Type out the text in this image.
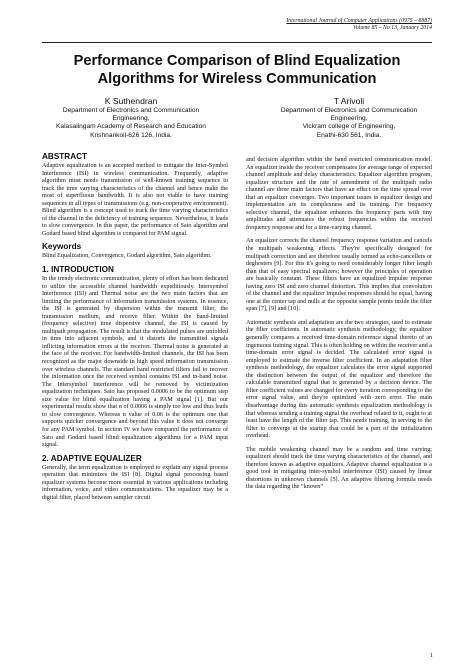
International Journal of Computer Applications (0975 – 8887)
Volume 85 – No 13, January 2014
Performance Comparison of Blind Equalization
Algorithms for Wireless Communication
K Suthendran
Department of Electronics and Communication
Engineering,
Kalasalingam Academy of Research and Education
Krishnankoil-626 126, India.
T Arivoli
Department of Electronics and Communication
Engineering,
Vickram college of Engineering,
Enathi-630 561, India.
ABSTRACT

Adaptive equalization is an accepted method to mitigate the Inter-Symbol Interference (ISI) in wireless communication. Frequently, adaptive algorithm must needs transmission of well-known training sequence to track the time varying characteristics of the channel and hence make the most of superfluous bandwidth. It is also not viable to have training sequences in all types of transmissions (e.g. non-cooperative environment). Blind algorithm is a concept used to track the time varying characteristics of the channel in the deficiency of training sequence. Nevertheless, it leads to slow convergence. In this paper, the performance of Sato algorithm and Godard based blind algorithm is compared for PAM signal.

Keywords

Blind Equalization, Convergence, Godard algorithm, Sato algorithm.

1. INTRODUCTION

In the trendy electronic communication, plenty of effort has been dedicated to utilize the accessible channel bandwidth expeditiously. Intersymbol Interference (ISI) and Thermal noise are the two main factors that are limiting the performance of information transmission systems. In essence, the ISI is generated by dispersion within the transmit filter, the transmission medium, and receive filter. Within the band-limited (frequency selective) time dispersive channel, the ISI is caused by multipath propagation. The result is that the modulated pulses are unfolded in time into adjacent symbols, and it distorts the transmitted signals inflicting information errors at the receiver. Thermal noise is generated at the face of the receiver. For bandwidth-limited channels, the ISI has been recognized as the major downside in high speed information transmission over wireless channels. The standard band restricted filters fail to recover the information once the received symbol contains ISI and in-band noise. The Intersymbol Interference will be removed by victimization equalization techniques. Sato has proposed 0.0006 to be the optimum step size value for blind equalization having a PAM signal [1]. But our experimental results show that α of 0.0006 is simply too low and thus leads to slow convergence. Whereas α value of 0.06 is the optimum one that supports quicker convergence and beyond this value it does not converge for any PAM symbol. In section IV we have compared the performance of Sato and Godard based blind equalization algorithms for a PAM input signal.

2. ADAPTIVE EQUALIZER

Generally, the term equalization is employed to explain any signal process operation that minimizes the ISI [8]. Digital signal processing based equalizer systems become more essential in various applications including information, voice, and video communications. The equalizer may be a digital filter, placed between sampler circuit

and decision algorithm within the band restricted communication model. An equalizer inside the receiver compensates for average range of expected channel amplitude and delay characteristics. Equalizer algorithm program, equalizer structure and the rate of amendment of the multipath radio channel are three main factors that have an effect on the time spread over that an equalizer converges. Two important issues in equalizer design and implementation are its complexness and its training. For frequency selective channel, the equalizer enhances the frequency parts with tiny amplitudes and attenuates the robust frequencies within the received frequency response and for a time-varying channel.

An equalizer corrects the channel frequency response variation and cancels the multipath weakening effects. They're specifically designed for multipath correction and are therefore usually termed as echo-cancellers or deghosters [9]. For this it's going to need considerably longer filter length than that of easy spectral equalizers; however the principles of operation are basically constant. These filters have an equalized impulse response having zero ISI and zero channel distortion. This implies that convolution of the channel and the equalizer impulse responses should be equal, having one at the center tap and nulls at the opposite sample points inside the filter span [7], [9] and [10].

Automatic synthesis and adaptation are the two strategies, used to estimate the filter coefficients. In automatic synthesis methodology, the equalizer generally compares a received time-domain reference signal thereto of an ingenuous training signal. This is often holding on within the receiver and a time-domain error signal is decided. The calculated error signal is employed to estimate the inverse filter coefficient. In an adaptation filter synthesis methodology, the equalizer calculates the error signal supported the distinction between the output of the equalizer and therefore the calculable transmitted signal that is generated by a decision device. The filter coefficient values are changed for every iteration corresponding to the error signal value, and they're optimized with zero error. The main disadvantage during this automatic synthesis equalization methodology is that whereas sending a training signal the overhead related to it, ought to at least have the length of the filter tap. This needs training, in serving to the filter to converge at the startup that could be a part of the initialization overhead.

The mobile weakening channel may be a random and time varying; equalizers should track the time varying characteristics of the channel, and therefore known as adaptive equalizers. Adaptive channel equalization is a good tool in mitigating inter-symbol interference (ISI) caused by linear distortions in unknown channels [5]. An adaptive filtering formula needs the data regarding the “known”

1
